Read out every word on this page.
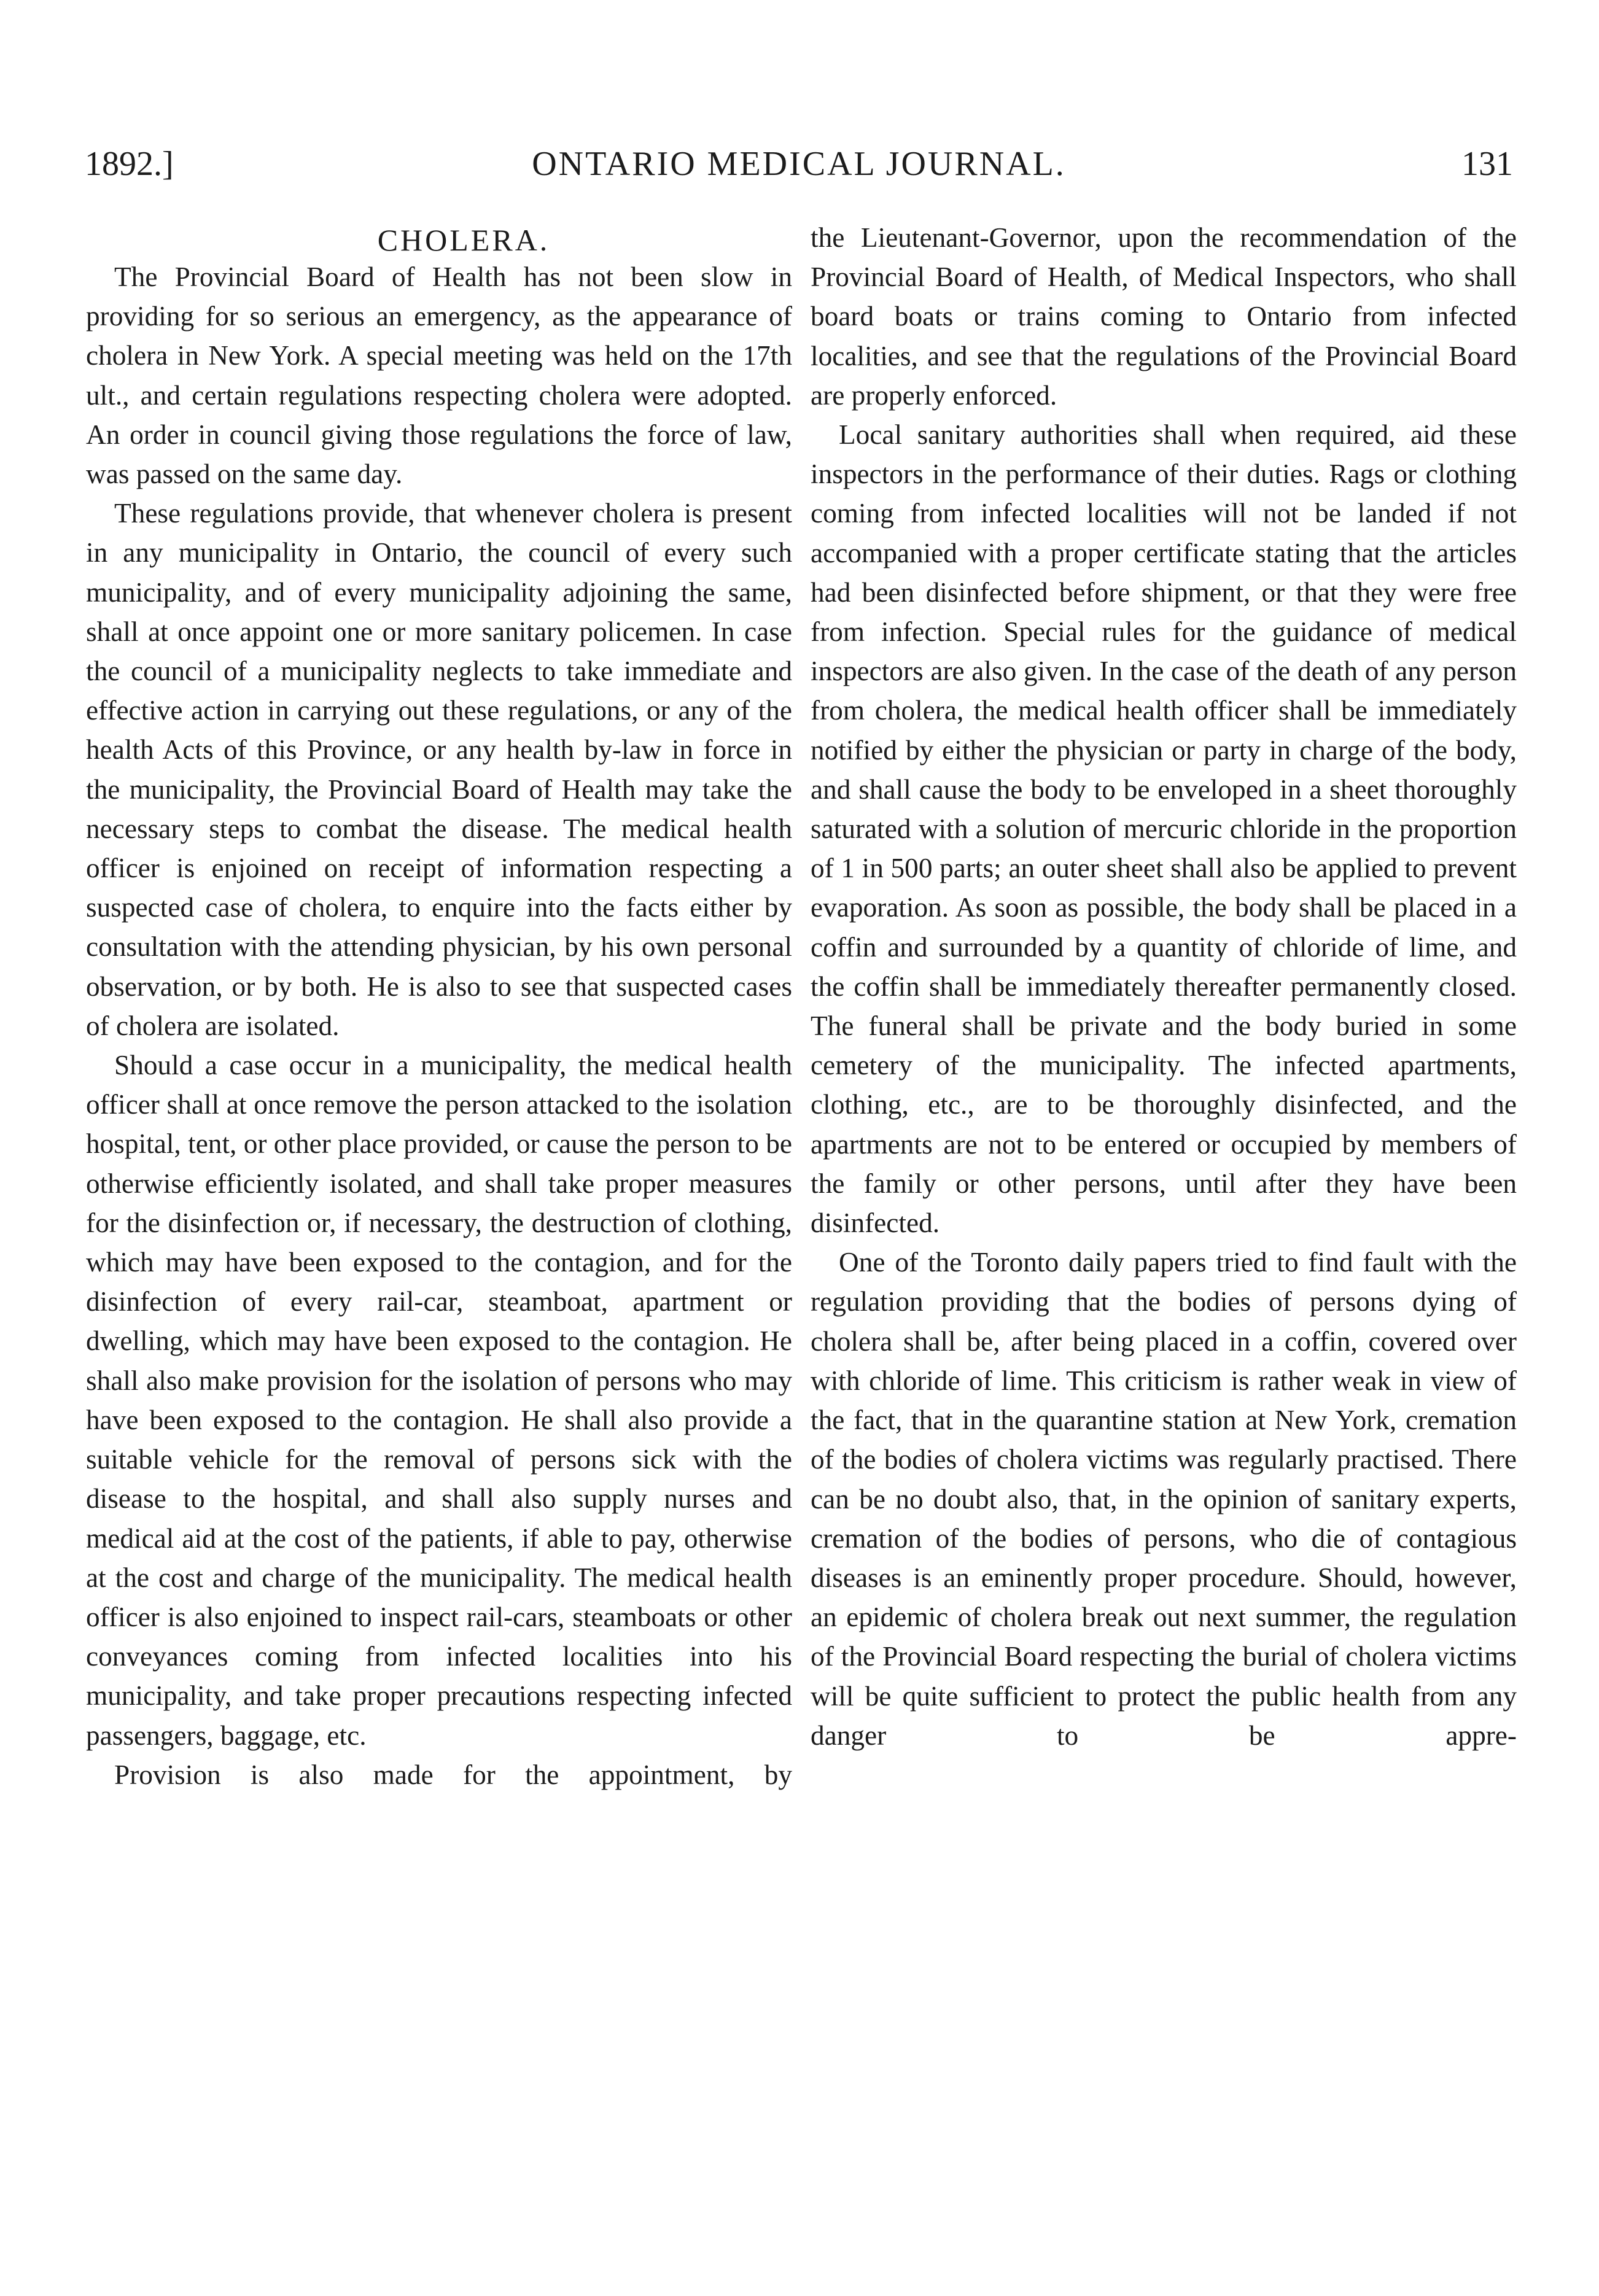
1892.]	ONTARIO MEDICAL JOURNAL.	131
CHOLERA.

The Provincial Board of Health has not been slow in providing for so serious an emergency, as the appearance of cholera in New York. A special meeting was held on the 17th ult., and certain regulations respecting cholera were adopted. An order in council giving those regulations the force of law, was passed on the same day.

These regulations provide, that whenever cholera is present in any municipality in Ontario, the council of every such municipality, and of every municipality adjoining the same, shall at once appoint one or more sanitary policemen. In case the council of a municipality neglects to take immediate and effective action in carrying out these regulations, or any of the health Acts of this Province, or any health by-law in force in the municipality, the Provincial Board of Health may take the necessary steps to combat the disease. The medical health officer is enjoined on receipt of information respecting a suspected case of cholera, to enquire into the facts either by consultation with the attending physician, by his own personal observation, or by both. He is also to see that suspected cases of cholera are isolated.

Should a case occur in a municipality, the medical health officer shall at once remove the person attacked to the isolation hospital, tent, or other place provided, or cause the person to be otherwise efficiently isolated, and shall take proper measures for the disinfection or, if necessary, the destruction of clothing, which may have been exposed to the contagion, and for the disinfection of every rail-car, steamboat, apartment or dwelling, which may have been exposed to the contagion. He shall also make provision for the isolation of persons who may have been exposed to the contagion. He shall also provide a suitable vehicle for the removal of persons sick with the disease to the hospital, and shall also supply nurses and medical aid at the cost of the patients, if able to pay, otherwise at the cost and charge of the municipality. The medical health officer is also enjoined to inspect rail-cars, steamboats or other conveyances coming from infected localities into his municipality, and take proper precautions respecting infected passengers, baggage, etc.

Provision is also made for the appointment, by

the Lieutenant-Governor, upon the recommendation of the Provincial Board of Health, of Medical Inspectors, who shall board boats or trains coming to Ontario from infected localities, and see that the regulations of the Provincial Board are properly enforced.

Local sanitary authorities shall when required, aid these inspectors in the performance of their duties. Rags or clothing coming from infected localities will not be landed if not accompanied with a proper certificate stating that the articles had been disinfected before shipment, or that they were free from infection. Special rules for the guidance of medical inspectors are also given. In the case of the death of any person from cholera, the medical health officer shall be immediately notified by either the physician or party in charge of the body, and shall cause the body to be enveloped in a sheet thoroughly saturated with a solution of mercuric chloride in the proportion of 1 in 500 parts; an outer sheet shall also be applied to prevent evaporation. As soon as possible, the body shall be placed in a coffin and surrounded by a quantity of chloride of lime, and the coffin shall be immediately thereafter permanently closed. The funeral shall be private and the body buried in some cemetery of the municipality. The infected apartments, clothing, etc., are to be thoroughly disinfected, and the apartments are not to be entered or occupied by members of the family or other persons, until after they have been disinfected.

One of the Toronto daily papers tried to find fault with the regulation providing that the bodies of persons dying of cholera shall be, after being placed in a coffin, covered over with chloride of lime. This criticism is rather weak in view of the fact, that in the quarantine station at New York, cremation of the bodies of cholera victims was regularly practised. There can be no doubt also, that, in the opinion of sanitary experts, cremation of the bodies of persons, who die of contagious diseases is an eminently proper procedure. Should, however, an epidemic of cholera break out next summer, the regulation of the Provincial Board respecting the burial of cholera victims will be quite sufficient to protect the public health from any danger to be appre-
